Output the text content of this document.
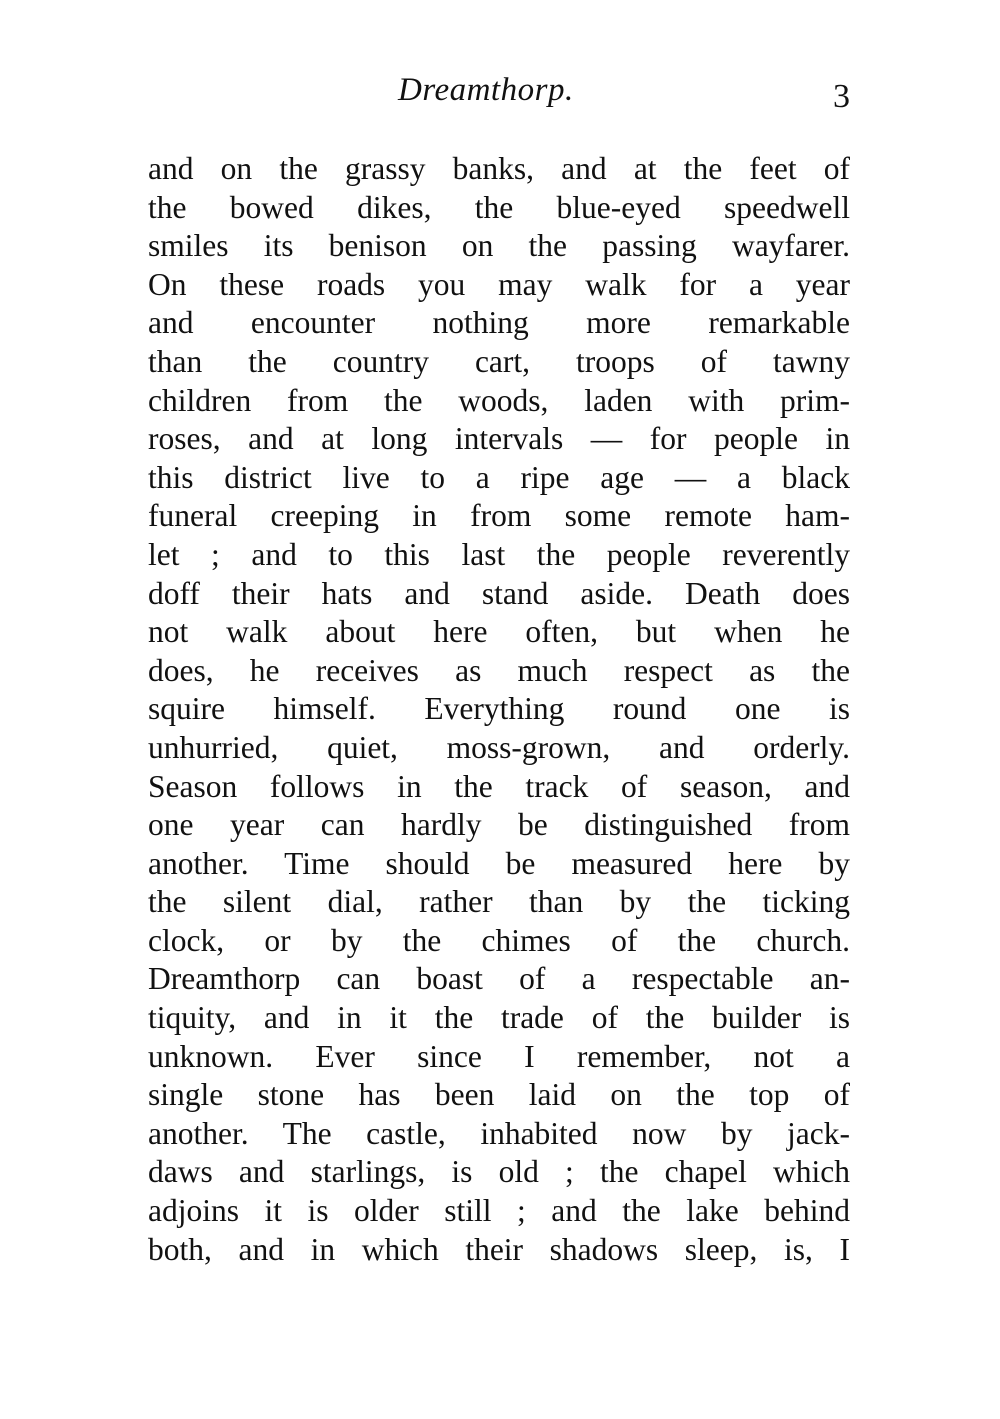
Dreamthorp.	3
and on the grassy banks, and at the feet of
the bowed dikes, the blue-eyed speedwell
smiles its benison on the passing wayfarer.
On these roads you may walk for a year
and encounter nothing more remarkable
than the country cart, troops of tawny
children from the woods, laden with prim-
roses, and at long intervals — for people in
this district live to a ripe age — a black
funeral creeping in from some remote ham-
let ; and to this last the people reverently
doff their hats and stand aside. Death does
not walk about here often, but when he
does, he receives as much respect as the
squire himself. Everything round one is
unhurried, quiet, moss-grown, and orderly.
Season follows in the track of season, and
one year can hardly be distinguished from
another. Time should be measured here by
the silent dial, rather than by the ticking
clock, or by the chimes of the church.
Dreamthorp can boast of a respectable an-
tiquity, and in it the trade of the builder is
unknown. Ever since I remember, not a
single stone has been laid on the top of
another. The castle, inhabited now by jack-
daws and starlings, is old ; the chapel which
adjoins it is older still ; and the lake behind
both, and in which their shadows sleep, is, I
